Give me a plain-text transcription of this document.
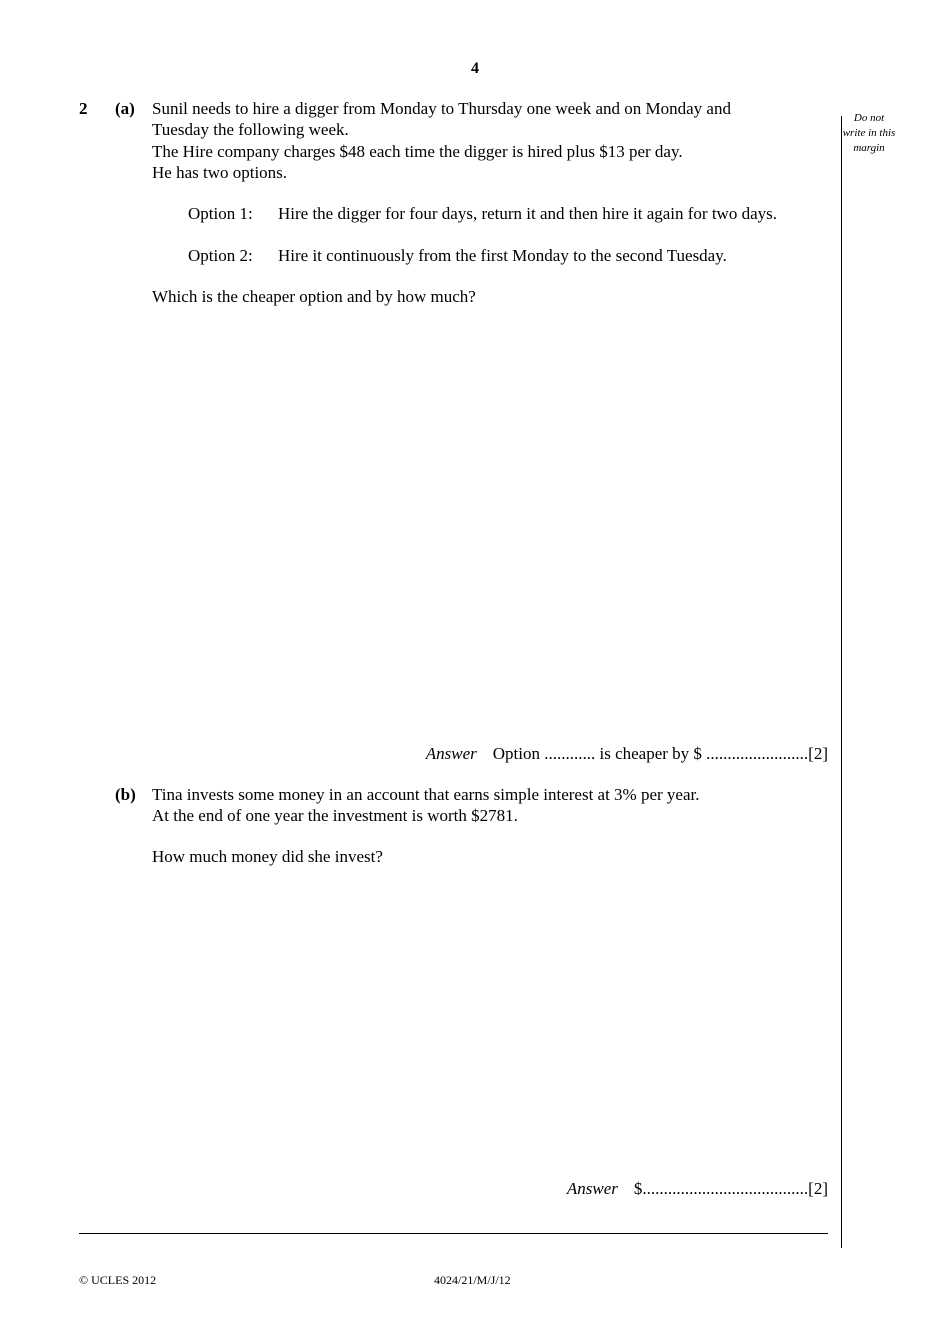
4
Do not
write in this
margin
2 (a) Sunil needs to hire a digger from Monday to Thursday one week and on Monday and
Tuesday the following week.
The Hire company charges $48 each time the digger is hired plus $13 per day.
He has two options.
Option 1: Hire the digger for four days, return it and then hire it again for two days.
Option 2: Hire it continuously from the first Monday to the second Tuesday.
Which is the cheaper option and by how much?
Answer Option ............ is cheaper by $ ........................[2]
(b) Tina invests some money in an account that earns simple interest at 3% per year.
At the end of one year the investment is worth $2781.
How much money did she invest?
Answer $.......................................[2]
© UCLES 2012	4024/21/M/J/12
